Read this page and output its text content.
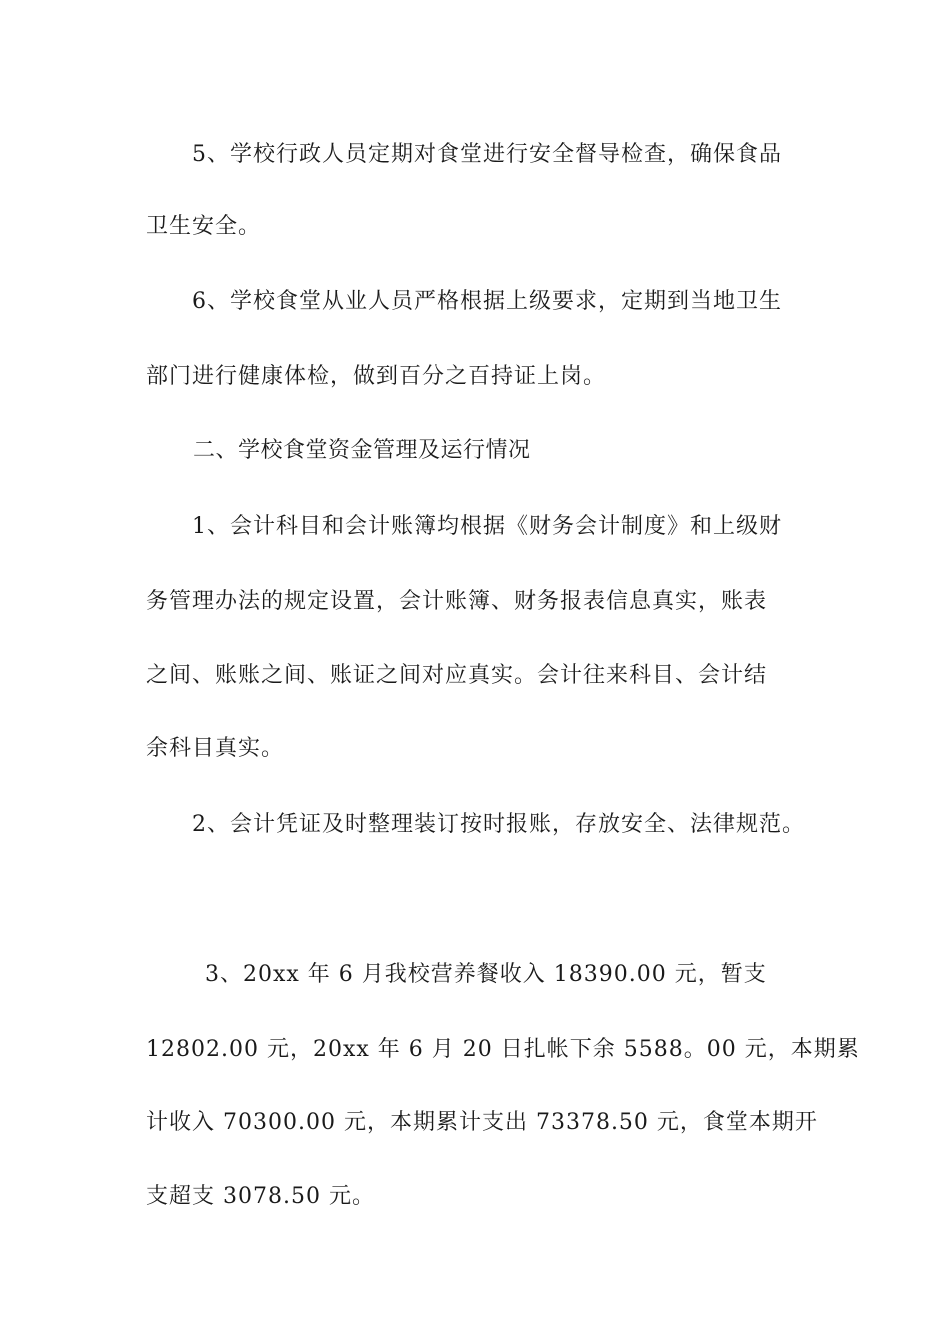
5、学校行政人员定期对食堂进行安全督导检查，确保食品
卫生安全。
6、学校食堂从业人员严格根据上级要求，定期到当地卫生
部门进行健康体检，做到百分之百持证上岗。
二、学校食堂资金管理及运行情况
1、会计科目和会计账簿均根据《财务会计制度》和上级财
务管理办法的规定设置，会计账簿、财务报表信息真实，账表
之间、账账之间、账证之间对应真实。会计往来科目、会计结
余科目真实。
2、会计凭证及时整理装订按时报账，存放安全、法律规范。
3、20xx 年 6 月我校营养餐收入 18390.00 元，暂支
12802.00 元，20xx 年 6 月 20 日扎帐下余 5588。00 元，本期累
计收入 70300.00 元，本期累计支出 73378.50 元，食堂本期开
支超支 3078.50 元。
